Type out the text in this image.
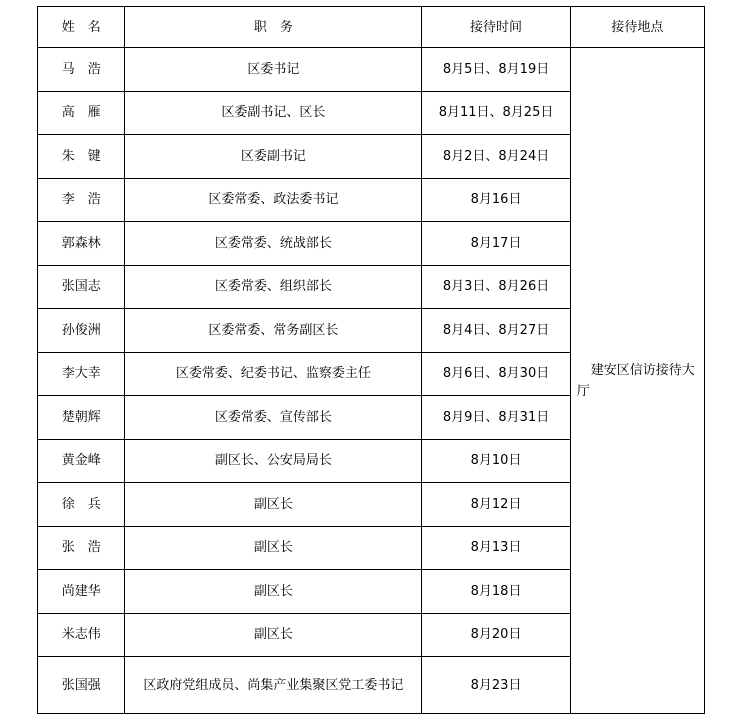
姓　名	职　务	接待时间	接待地点
马　浩	区委书记	8月5日、8月19日	建安区信访接待大厅

高　雁	区委副书记、区长	8月11日、8月25日	
朱　键	区委副书记	8月2日、8月24日	
李　浩	区委常委、政法委书记	8月16日	
郭森林	区委常委、统战部长	8月17日	
张国志	区委常委、组织部长	8月3日、8月26日	
孙俊洲	区委常委、常务副区长	8月4日、8月27日	
李大幸	区委常委、纪委书记、监察委主任	8月6日、8月30日	
楚朝辉	区委常委、宣传部长	8月9日、8月31日	
黄金峰	副区长、公安局局长	8月10日	
徐　兵	副区长	8月12日	
张　浩	副区长	8月13日	
尚建华	副区长	8月18日	
米志伟	副区长	8月20日	
张国强	区政府党组成员、尚集产业集聚区党工委书记	8月23日	
